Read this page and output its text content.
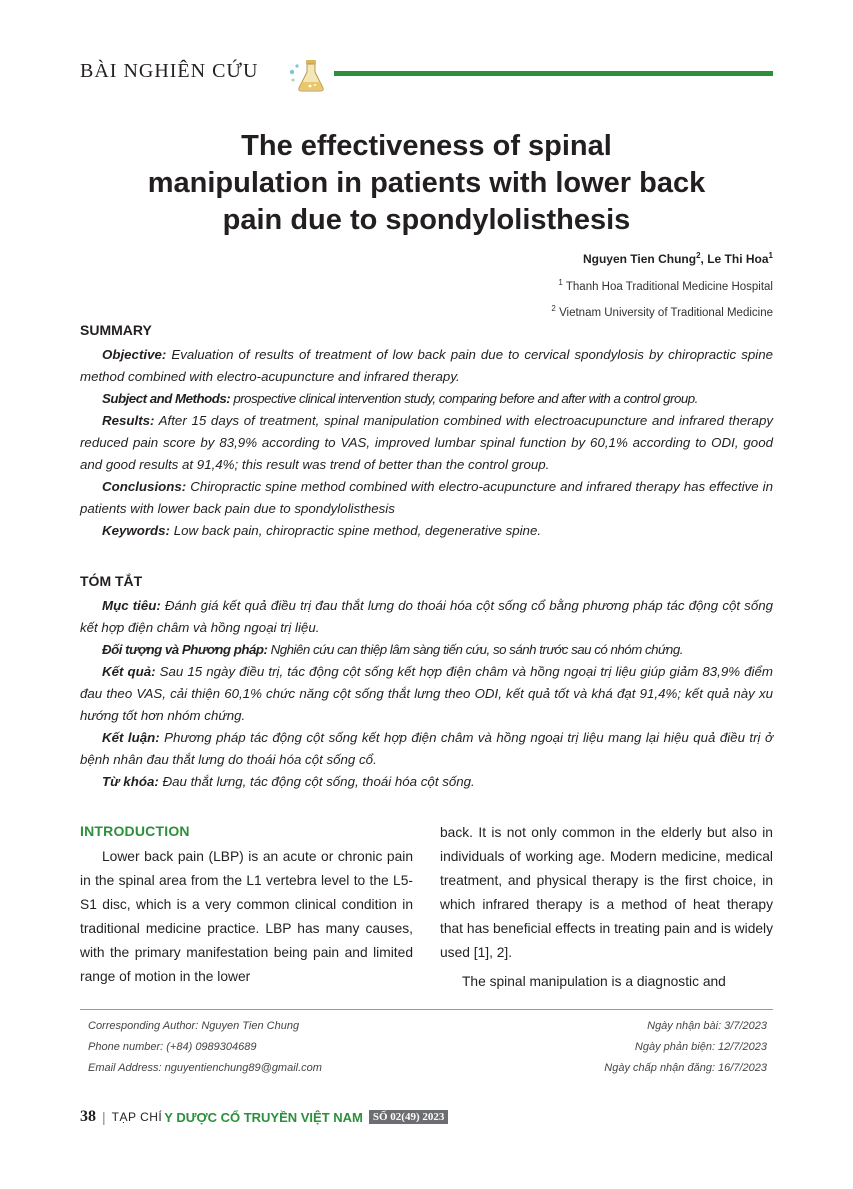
BÀI NGHIÊN CỨU
The effectiveness of spinal
manipulation in patients with lower back
pain due to spondylolisthesis
Nguyen Tien Chung$^2$, Le Thi Hoa$^1$
$^1$ Thanh Hoa Traditional Medicine Hospital
$^2$ Vietnam University of Traditional Medicine
SUMMARY

Objective: Evaluation of results of treatment of low back pain due to cervical spondylosis by chiropractic spine method combined with electro-acupuncture and infrared therapy.

Subject and Methods: prospective clinical intervention study, comparing before and after with a control group.

Results: After 15 days of treatment, spinal manipulation combined with electroacupuncture and infrared therapy reduced pain score by 83,9% according to VAS, improved lumbar spinal function by 60,1% according to ODI, good and good results at 91,4%; this result was trend of better than the control group.

Conclusions: Chiropractic spine method combined with electro-acupuncture and infrared therapy has effective in patients with lower back pain due to spondylolisthesis

Keywords: Low back pain, chiropractic spine method, degenerative spine.

TÓM TẮT

Mục tiêu: Đánh giá kết quả điều trị đau thắt lưng do thoái hóa cột sống cổ bằng phương pháp tác động cột sống kết hợp điện châm và hồng ngoại trị liệu.

Đối tượng và Phương pháp: Nghiên cứu can thiệp lâm sàng tiến cứu, so sánh trước sau có nhóm chứng.

Kết quả: Sau 15 ngày điều trị, tác động cột sống kết hợp điện châm và hồng ngoại trị liệu giúp giảm 83,9% điểm đau theo VAS, cải thiện 60,1% chức năng cột sống thắt lưng theo ODI, kết quả tốt và khá đạt 91,4%; kết quả này xu hướng tốt hơn nhóm chứng.

Kết luận: Phương pháp tác động cột sống kết hợp điện châm và hồng ngoại trị liệu mang lại hiệu quả điều trị ở bệnh nhân đau thắt lưng do thoái hóa cột sống cổ.

Từ khóa: Đau thắt lưng, tác động cột sống, thoái hóa cột sống.

INTRODUCTION

Lower back pain (LBP) is an acute or chronic pain in the spinal area from the L1 vertebra level to the L5-S1 disc, which is a very common clinical condition in traditional medicine practice. LBP has many causes, with the primary manifestation being pain and limited range of motion in the lower

back. It is not only common in the elderly but also in individuals of working age. Modern medicine, medical treatment, and physical therapy is the first choice, in which infrared therapy is a method of heat therapy that has beneficial effects in treating pain and is widely used [1], 2].

The spinal manipulation is a diagnostic and

Corresponding Author: Nguyen Tien Chung
Phone number: (+84) 0989304689
Email Address: nguyentienchung89@gmail.com
Ngày nhận bài: 3/7/2023
Ngày phản biện: 12/7/2023
Ngày chấp nhận đăng: 16/7/2023
38 | TẠP CHÍ Y DƯỢC CỔ TRUYỀN VIỆT NAM SỐ 02(49) 2023
